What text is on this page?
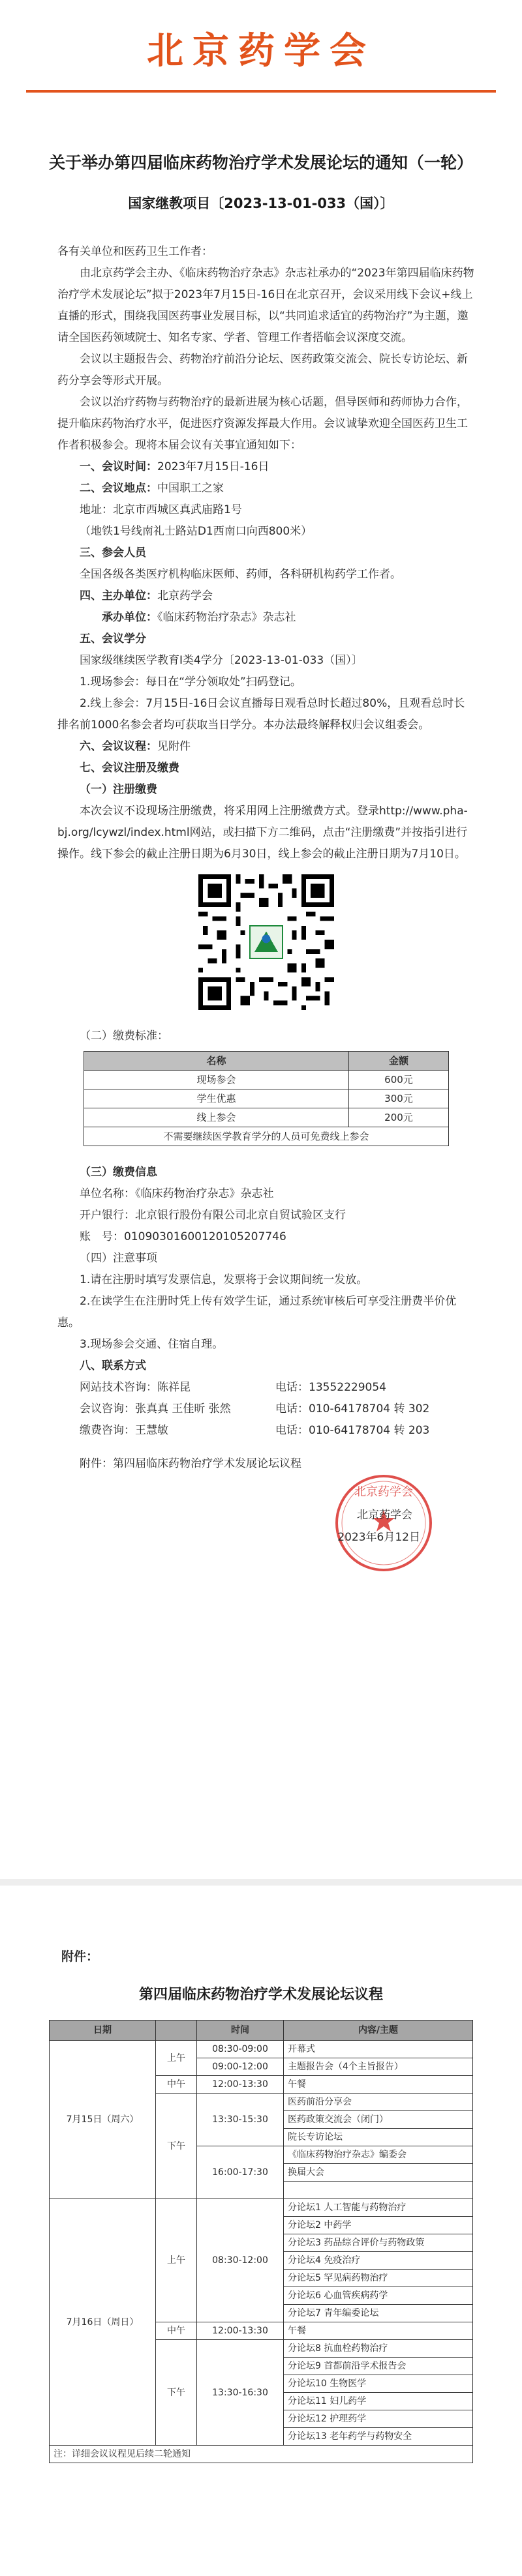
北京药学会
关于举办第四届临床药物治疗学术发展论坛的通知（一轮）
国家继教项目〔2023-13-01-033（国）〕

各有关单位和医药卫生工作者：

由北京药学会主办、《临床药物治疗杂志》杂志社承办的“2023年第四届临床药物治疗学术发展论坛”拟于2023年7月15日-16日在北京召开，会议采用线下会议+线上直播的形式，围绕我国医药事业发展目标，以“共同追求适宜的药物治疗”为主题，邀请全国医药领域院士、知名专家、学者、管理工作者搭临会议深度交流。

会议以主题报告会、药物治疗前沿分论坛、医药政策交流会、院长专访论坛、新药分享会等形式开展。

会议以治疗药物与药物治疗的最新进展为核心话题，倡导医师和药师协力合作，提升临床药物治疗水平，促进医疗资源发挥最大作用。会议诚挚欢迎全国医药卫生工作者积极参会。现将本届会议有关事宜通知如下：

一、会议时间：2023年7月15日-16日

二、会议地点：中国职工之家

地址：北京市西城区真武庙路1号

（地铁1号线南礼士路站D1西南口向西800米）

三、参会人员

全国各级各类医疗机构临床医师、药师，各科研机构药学工作者。

四、主办单位：北京药学会

承办单位：《临床药物治疗杂志》杂志社

五、会议学分

国家级继续医学教育I类4学分〔2023-13-01-033（国）〕

1.现场参会：每日在“学分领取处”扫码登记。

2.线上参会：7月15日-16日会议直播每日观看总时长超过80%，且观看总时长排名前1000名参会者均可获取当日学分。本办法最终解释权归会议组委会。

六、会议议程：见附件

七、会议注册及缴费

（一）注册缴费

本次会议不设现场注册缴费，将采用网上注册缴费方式。登录http://www.pha-bj.org/lcywzl/index.html网站，或扫描下方二维码，点击“注册缴费”并按指引进行操作。线下参会的截止注册日期为6月30日，线上参会的截止注册日期为7月10日。

（二）缴费标准：

名称	金额
现场参会	600元
学生优惠	300元
线上参会	200元
不需要继续医学教育学分的人员可免费线上参会	

（三）缴费信息

单位名称：《临床药物治疗杂志》杂志社

开户银行：北京银行股份有限公司北京自贸试验区支行

账　号：01090301600120105207746

（四）注意事项

1.请在注册时填写发票信息，发票将于会议期间统一发放。

2.在读学生在注册时凭上传有效学生证，通过系统审核后可享受注册费半价优惠。

3.现场参会交通、住宿自理。

八、联系方式

网站技术咨询：陈祥昆	电话：13552229054

会议咨询：张真真 王佳昕 张然	电话：010-64178704 转 302

缴费咨询：王慧敏	电话：010-64178704 转 203

附件：第四届临床药物治疗学术发展论坛议程

北京药学会
北京药学会
2023年6月12日
附件：
第四届临床药物治疗学术发展论坛议程
日期		时间	内容/主题
7月15日（周六）	上午	08:30-09:00	开幕式
		09:00-12:00	主题报告会（4个主旨报告）
	中午	12:00-13:30	午餐
	下午	13:30-15:30	医药前沿分享会
			医药政策交流会（闭门）
			院长专访论坛
		16:00-17:30	《临床药物治疗杂志》编委会
			换届大会

7月16日（周日）	上午	08:30-12:00	分论坛1 人工智能与药物治疗
			分论坛2 中药学
			分论坛3 药品综合评价与药物政策
			分论坛4 免疫治疗
			分论坛5 罕见病药物治疗
			分论坛6 心血管疾病药学
			分论坛7 青年编委论坛
	中午	12:00-13:30	午餐
	下午	13:30-16:30	分论坛8 抗血栓药物治疗
			分论坛9 首都前沿学术报告会
			分论坛10 生物医学
			分论坛11 妇儿药学
			分论坛12 护理药学
			分论坛13 老年药学与药物安全
注：详细会议议程见后续二轮通知			
